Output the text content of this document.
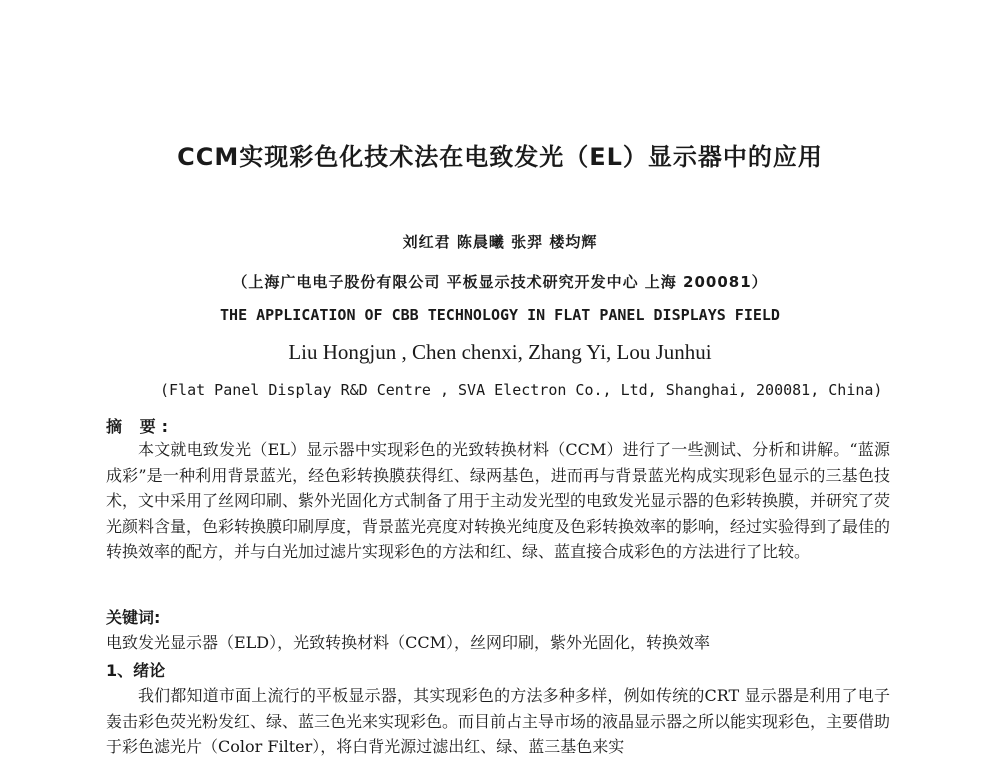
CCM实现彩色化技术法在电致发光（EL）显示器中的应用
刘红君 陈晨曦 张羿 楼均辉
（上海广电电子股份有限公司 平板显示技术研究开发中心 上海 200081）
THE APPLICATION OF CBB TECHNOLOGY IN FLAT PANEL DISPLAYS FIELD
Liu Hongjun , Chen chenxi, Zhang Yi, Lou Junhui
(Flat Panel Display R&D Centre , SVA Electron Co., Ltd, Shanghai, 200081, China)
摘 要:
本文就电致发光（EL）显示器中实现彩色的光致转换材料（CCM）进行了一些测试、分析和讲解。“蓝源成彩”是一种利用背景蓝光，经色彩转换膜获得红、绿两基色，进而再与背景蓝光构成实现彩色显示的三基色技术，文中采用了丝网印刷、紫外光固化方式制备了用于主动发光型的电致发光显示器的色彩转换膜，并研究了荧光颜料含量，色彩转换膜印刷厚度，背景蓝光亮度对转换光纯度及色彩转换效率的影响，经过实验得到了最佳的转换效率的配方，并与白光加过滤片实现彩色的方法和红、绿、蓝直接合成彩色的方法进行了比较。
关键词:
电致发光显示器（ELD），光致转换材料（CCM），丝网印刷，紫外光固化，转换效率
1、绪论
我们都知道市面上流行的平板显示器，其实现彩色的方法多种多样，例如传统的CRT 显示器是利用了电子轰击彩色荧光粉发红、绿、蓝三色光来实现彩色。而目前占主导市场的液晶显示器之所以能实现彩色，主要借助于彩色滤光片（Color Filter），将白背光源过滤出红、绿、蓝三基色来实
